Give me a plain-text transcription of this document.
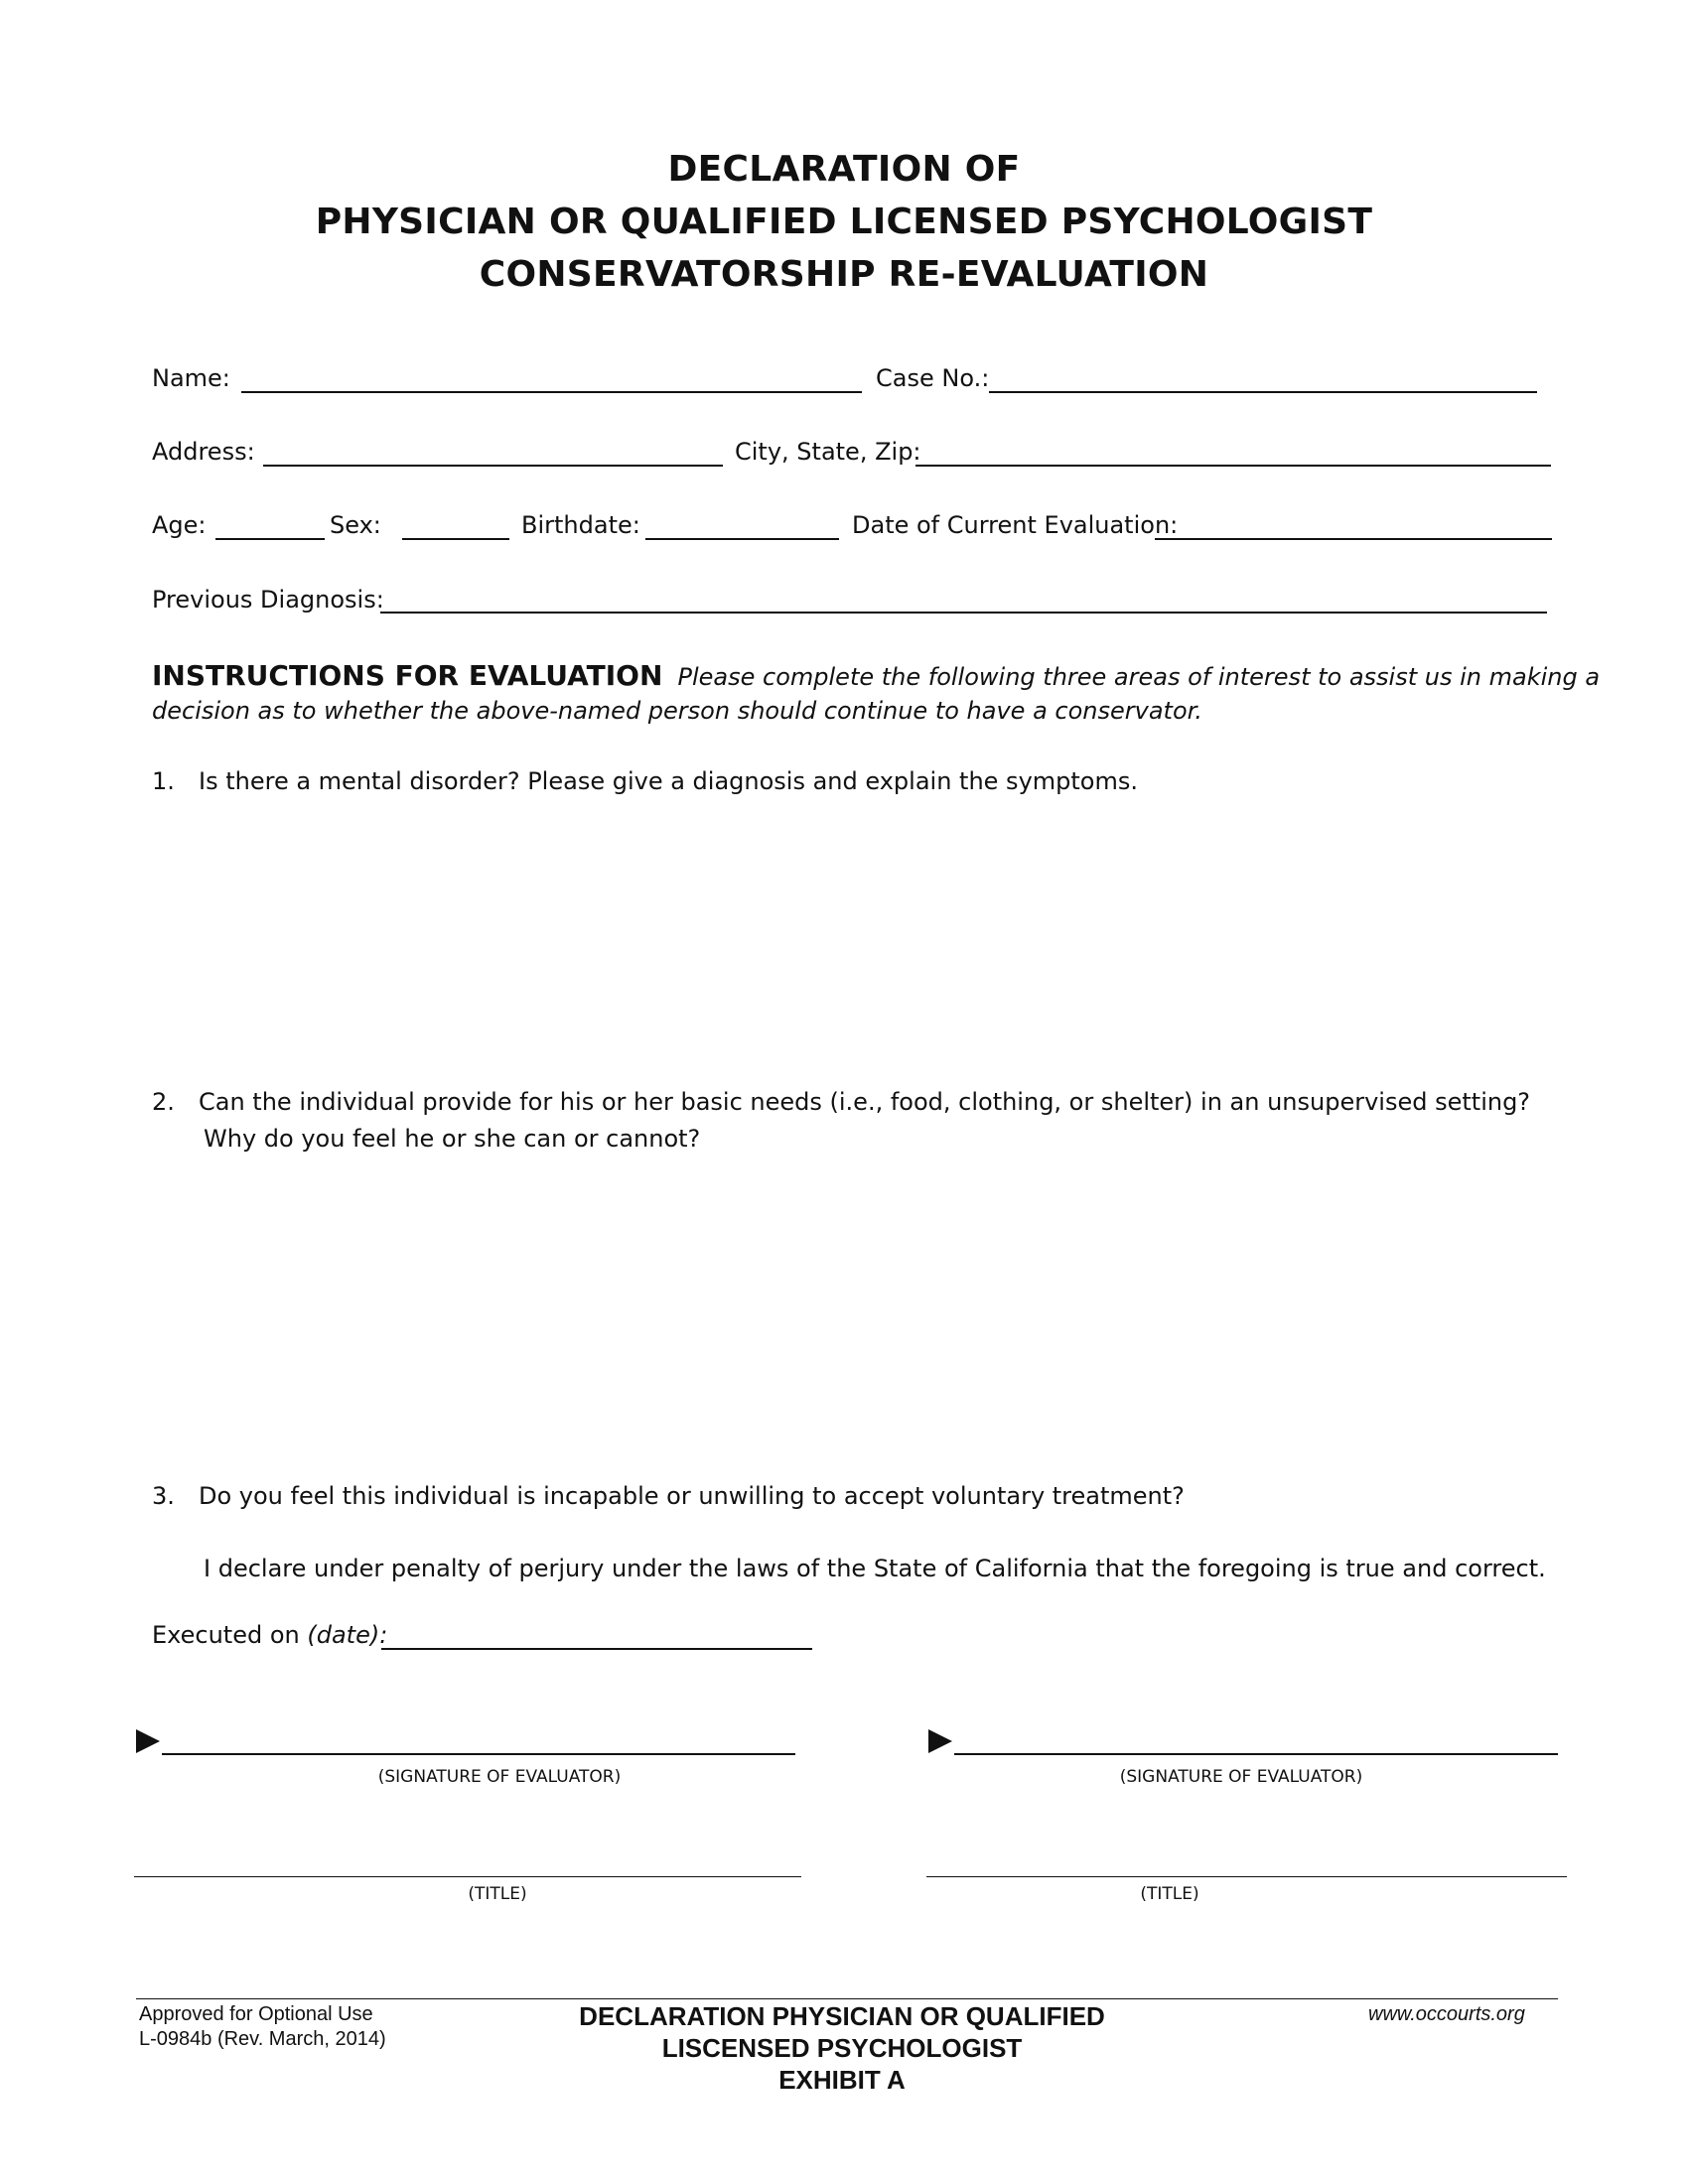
DECLARATION OF
PHYSICIAN OR QUALIFIED LICENSED PSYCHOLOGIST
CONSERVATORSHIP RE-EVALUATION
Name:	Case No.:
Address:	City, State, Zip:
Age:	Sex:	Birthdate:	Date of Current Evaluation:
Previous Diagnosis:
INSTRUCTIONS FOR EVALUATION Please complete the following three areas of interest to assist us in making a
decision as to whether the above-named person should continue to have a conservator.
1. Is there a mental disorder? Please give a diagnosis and explain the symptoms.
2. Can the individual provide for his or her basic needs (i.e., food, clothing, or shelter) in an unsupervised setting?
Why do you feel he or she can or cannot?
3. Do you feel this individual is incapable or unwilling to accept voluntary treatment?
I declare under penalty of perjury under the laws of the State of California that the foregoing is true and correct.
Executed on (date):
(SIGNATURE OF EVALUATOR)
(TITLE)
(SIGNATURE OF EVALUATOR)
(TITLE)
Approved for Optional Use
L-0984b (Rev. March, 2014)
DECLARATION PHYSICIAN OR QUALIFIED
LISCENSED PSYCHOLOGIST
EXHIBIT A
www.occourts.org
